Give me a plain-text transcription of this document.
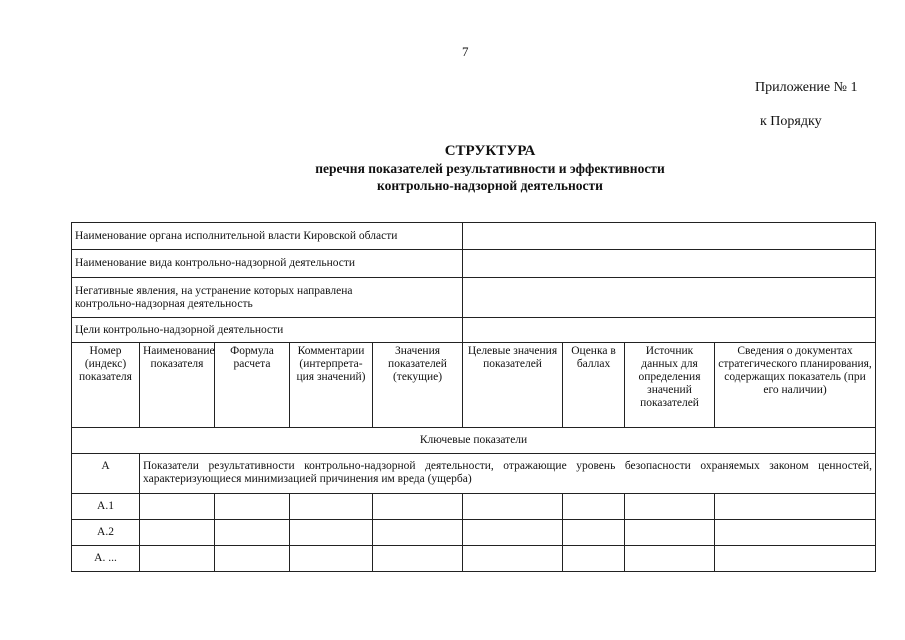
7
Приложение № 1
к Порядку
СТРУКТУРА
перечня показателей результативности и эффективности
контрольно-надзорной деятельности
Наименование органа исполнительной власти Кировской области								
Наименование вида контрольно-надзорной деятельности								
Негативные явления, на устранение которых направлена контрольно-надзорная деятельность								
Цели контрольно-надзорной деятельности								
Номер (индекс) показателя	Наименование показателя	Формула расчета	Комментарии (интерпрета-ция значений)	Значения показателей (текущие)	Целевые значения показателей	Оценка в баллах	Источник данных для определения значений показателей	Сведения о документах стратегического планирования, содержащих показатель (при его наличии)
Ключевые показатели								
А	Показатели результативности контрольно-надзорной деятельности, отражающие уровень безопасности охраняемых законом ценностей, характеризующиеся минимизацией причинения им вреда (ущерба)							
А.1								
А.2								
А. ...								
